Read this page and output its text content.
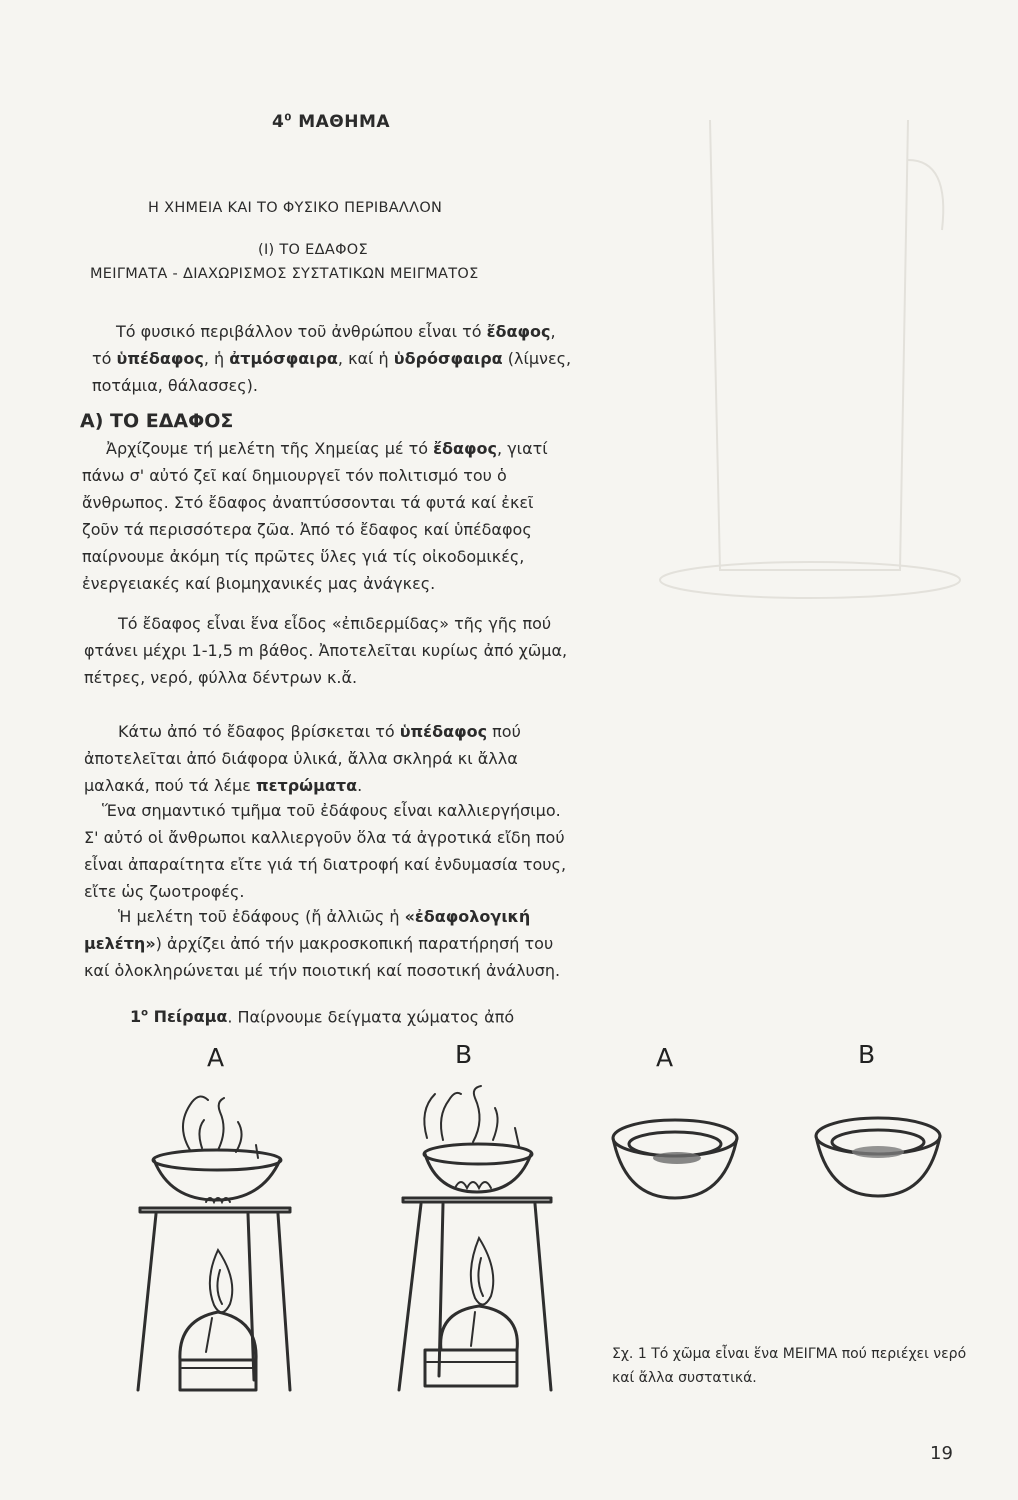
$4^0$ ΜΑΘΗΜΑ
Η ΧΗΜΕΙΑ ΚΑΙ ΤΟ ΦΥΣΙΚΟ ΠΕΡΙΒΑΛΛΟΝ
(Ι) ΤΟ ΕΔΑΦΟΣ
ΜΕΙΓΜΑΤΑ - ΔΙΑΧΩΡΙΣΜΟΣ ΣΥΣΤΑΤΙΚΩΝ ΜΕΙΓΜΑΤΟΣ
Τό φυσικό περιβάλλον τοῦ ἀνθρώπου εἶναι τό ἔδαφος, τό ὑπέδαφος, ἡ ἀτμόσφαιρα, καί ἡ ὑδρόσφαιρα (λίμνες, ποτάμια, θάλασσες).
Α) ΤΟ ΕΔΑΦΟΣ
Ἀρχίζουμε τή μελέτη τῆς Χημείας μέ τό ἔδαφος, γιατί πάνω σ' αὐτό ζεῖ καί δημιουργεῖ τόν πολιτισμό του ὁ ἄνθρωπος. Στό ἔδαφος ἀναπτύσσονται τά φυτά καί ἐκεῖ ζοῦν τά περισσότερα ζῶα. Ἀπό τό ἔδαφος καί ὑπέδαφος παίρνουμε ἀκόμη τίς πρῶτες ὕλες γιά τίς οἰκοδομικές, ἐνεργειακές καί βιομηχανικές μας ἀνάγκες.
Τό ἔδαφος εἶναι ἕνα εἶδος «ἐπιδερμίδας» τῆς γῆς πού φτάνει μέχρι 1-1,5 m βάθος. Ἀποτελεῖται κυρίως ἀπό χῶμα, πέτρες, νερό, φύλλα δέντρων κ.ἄ.
Κάτω ἀπό τό ἔδαφος βρίσκεται τό ὑπέδαφος πού ἀποτελεῖται ἀπό διάφορα ὑλικά, ἄλλα σκληρά κι ἄλλα μαλακά, πού τά λέμε πετρώματα.
Ἕνα σημαντικό τμῆμα τοῦ ἐδάφους εἶναι καλλιεργήσιμο. Σ' αὐτό οἱ ἄνθρωποι καλλιεργοῦν ὅλα τά ἀγροτικά εἴδη πού εἶναι ἀπαραίτητα εἴτε γιά τή διατροφή καί ἐνδυμασία τους, εἴτε ὡς ζωοτροφές.
Ἡ μελέτη τοῦ ἐδάφους (ἤ ἀλλιῶς ἡ «ἐδαφολογική μελέτη») ἀρχίζει ἀπό τήν μακροσκοπική παρατήρησή του καί ὁλοκληρώνεται μέ τήν ποιοτική καί ποσοτική ἀνάλυση.
$1^o$ Πείραμα. Παίρνουμε δείγματα χώματος ἀπό
Α	Β	Α	Β
Σχ. 1 Τό χῶμα εἶναι ἕνα ΜΕΙΓΜΑ πού περιέχει νερό καί ἄλλα συστατικά.
19
